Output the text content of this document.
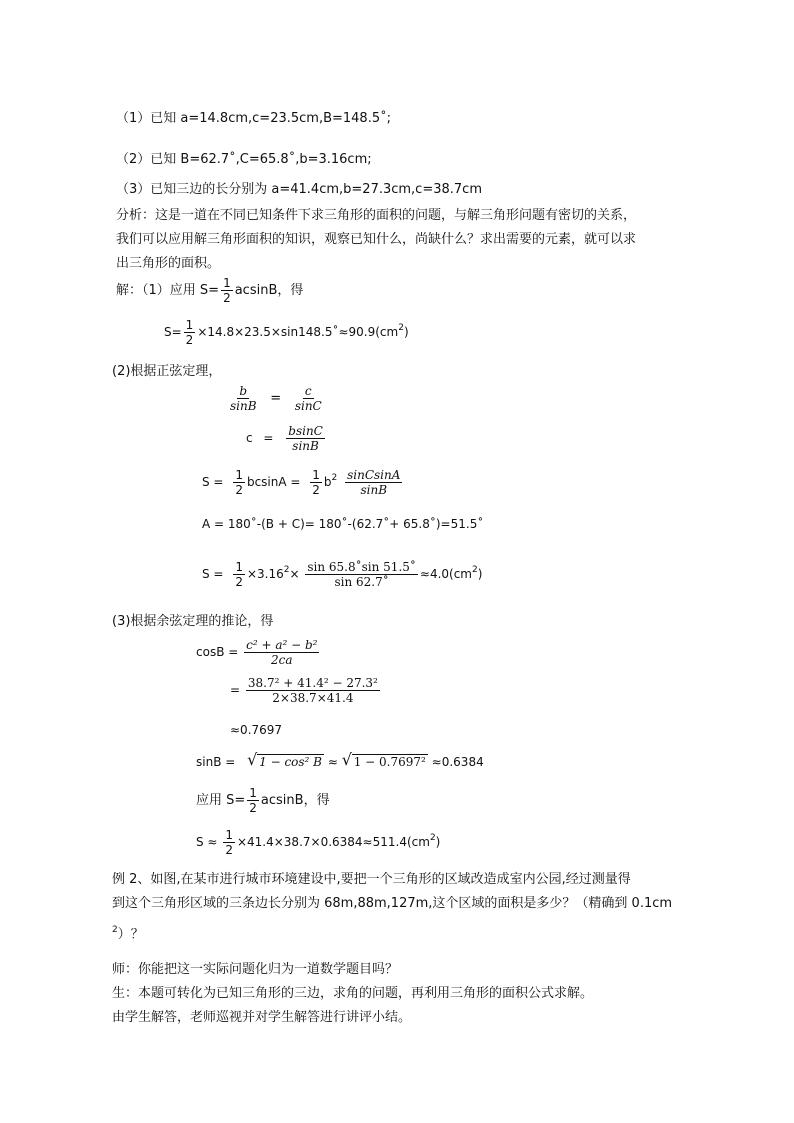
（1）已知 a=14.8cm,c=23.5cm,B=148.5˚;
（2）已知 B=62.7˚,C=65.8˚,b=3.16cm;
（3）已知三边的长分别为 a=41.4cm,b=27.3cm,c=38.7cm
分析：这是一道在不同已知条件下求三角形的面积的问题，与解三角形问题有密切的关系，
我们可以应用解三角形面积的知识，观察已知什么，尚缺什么？求出需要的元素，就可以求
出三角形的面积。
解：（1）应用 $S= \frac{1}{2}$ acsinB，得
$S= \frac{1}{2}$ $\times 14.8\times 23.5\times\sin 148.5˚\approx 90.9(cm^2)$
(2)根据正弦定理，
$\frac{b}{\sin B} = \frac{c}{\sin C}$
$c = \frac{bsinC}{\sin B}$
$S = \frac{1}{2}$ $bcsinA = \frac{1}{2} b^2 \frac{\text{sinCsinA}}{\sin B}$
A = 180˚-(B + C)= 180˚-(62.7˚+ 65.8˚)=51.5˚
$S = \frac{1}{2} \times 3.16^2\times \frac{\sin 65.8˚\sin 51.5˚}{\sin 62.7˚} \approx 4.0(cm^2)$
(3)根据余弦定理的推论，得
$\cos B = \frac{\text{c² + a² − b²}}{2ca}$
= $\frac{\text{38.7² + 41.4² − 27.3²}}{2\times 38.7\times 41.4}$
≈0.7697
sinB = √ 1 − cos² B ≈ √ 1 − 0.7697² ≈0.6384
应用 $S= \frac{1}{2}$ acsinB，得
$S \approx \frac{1}{2} \times 41.4\times 38.7\times 0.6384\approx 511.4(cm^2)$
例 2、如图,在某市进行城市环境建设中,要把一个三角形的区域改造成室内公园,经过测量得
到这个三角形区域的三条边长分别为 68m,88m,127m,这个区域的面积是多少？（精确到 0.1cm
$^2$）？
师：你能把这一实际问题化归为一道数学题目吗？
生：本题可转化为已知三角形的三边，求角的问题，再利用三角形的面积公式求解。
由学生解答，老师巡视并对学生解答进行讲评小结。
